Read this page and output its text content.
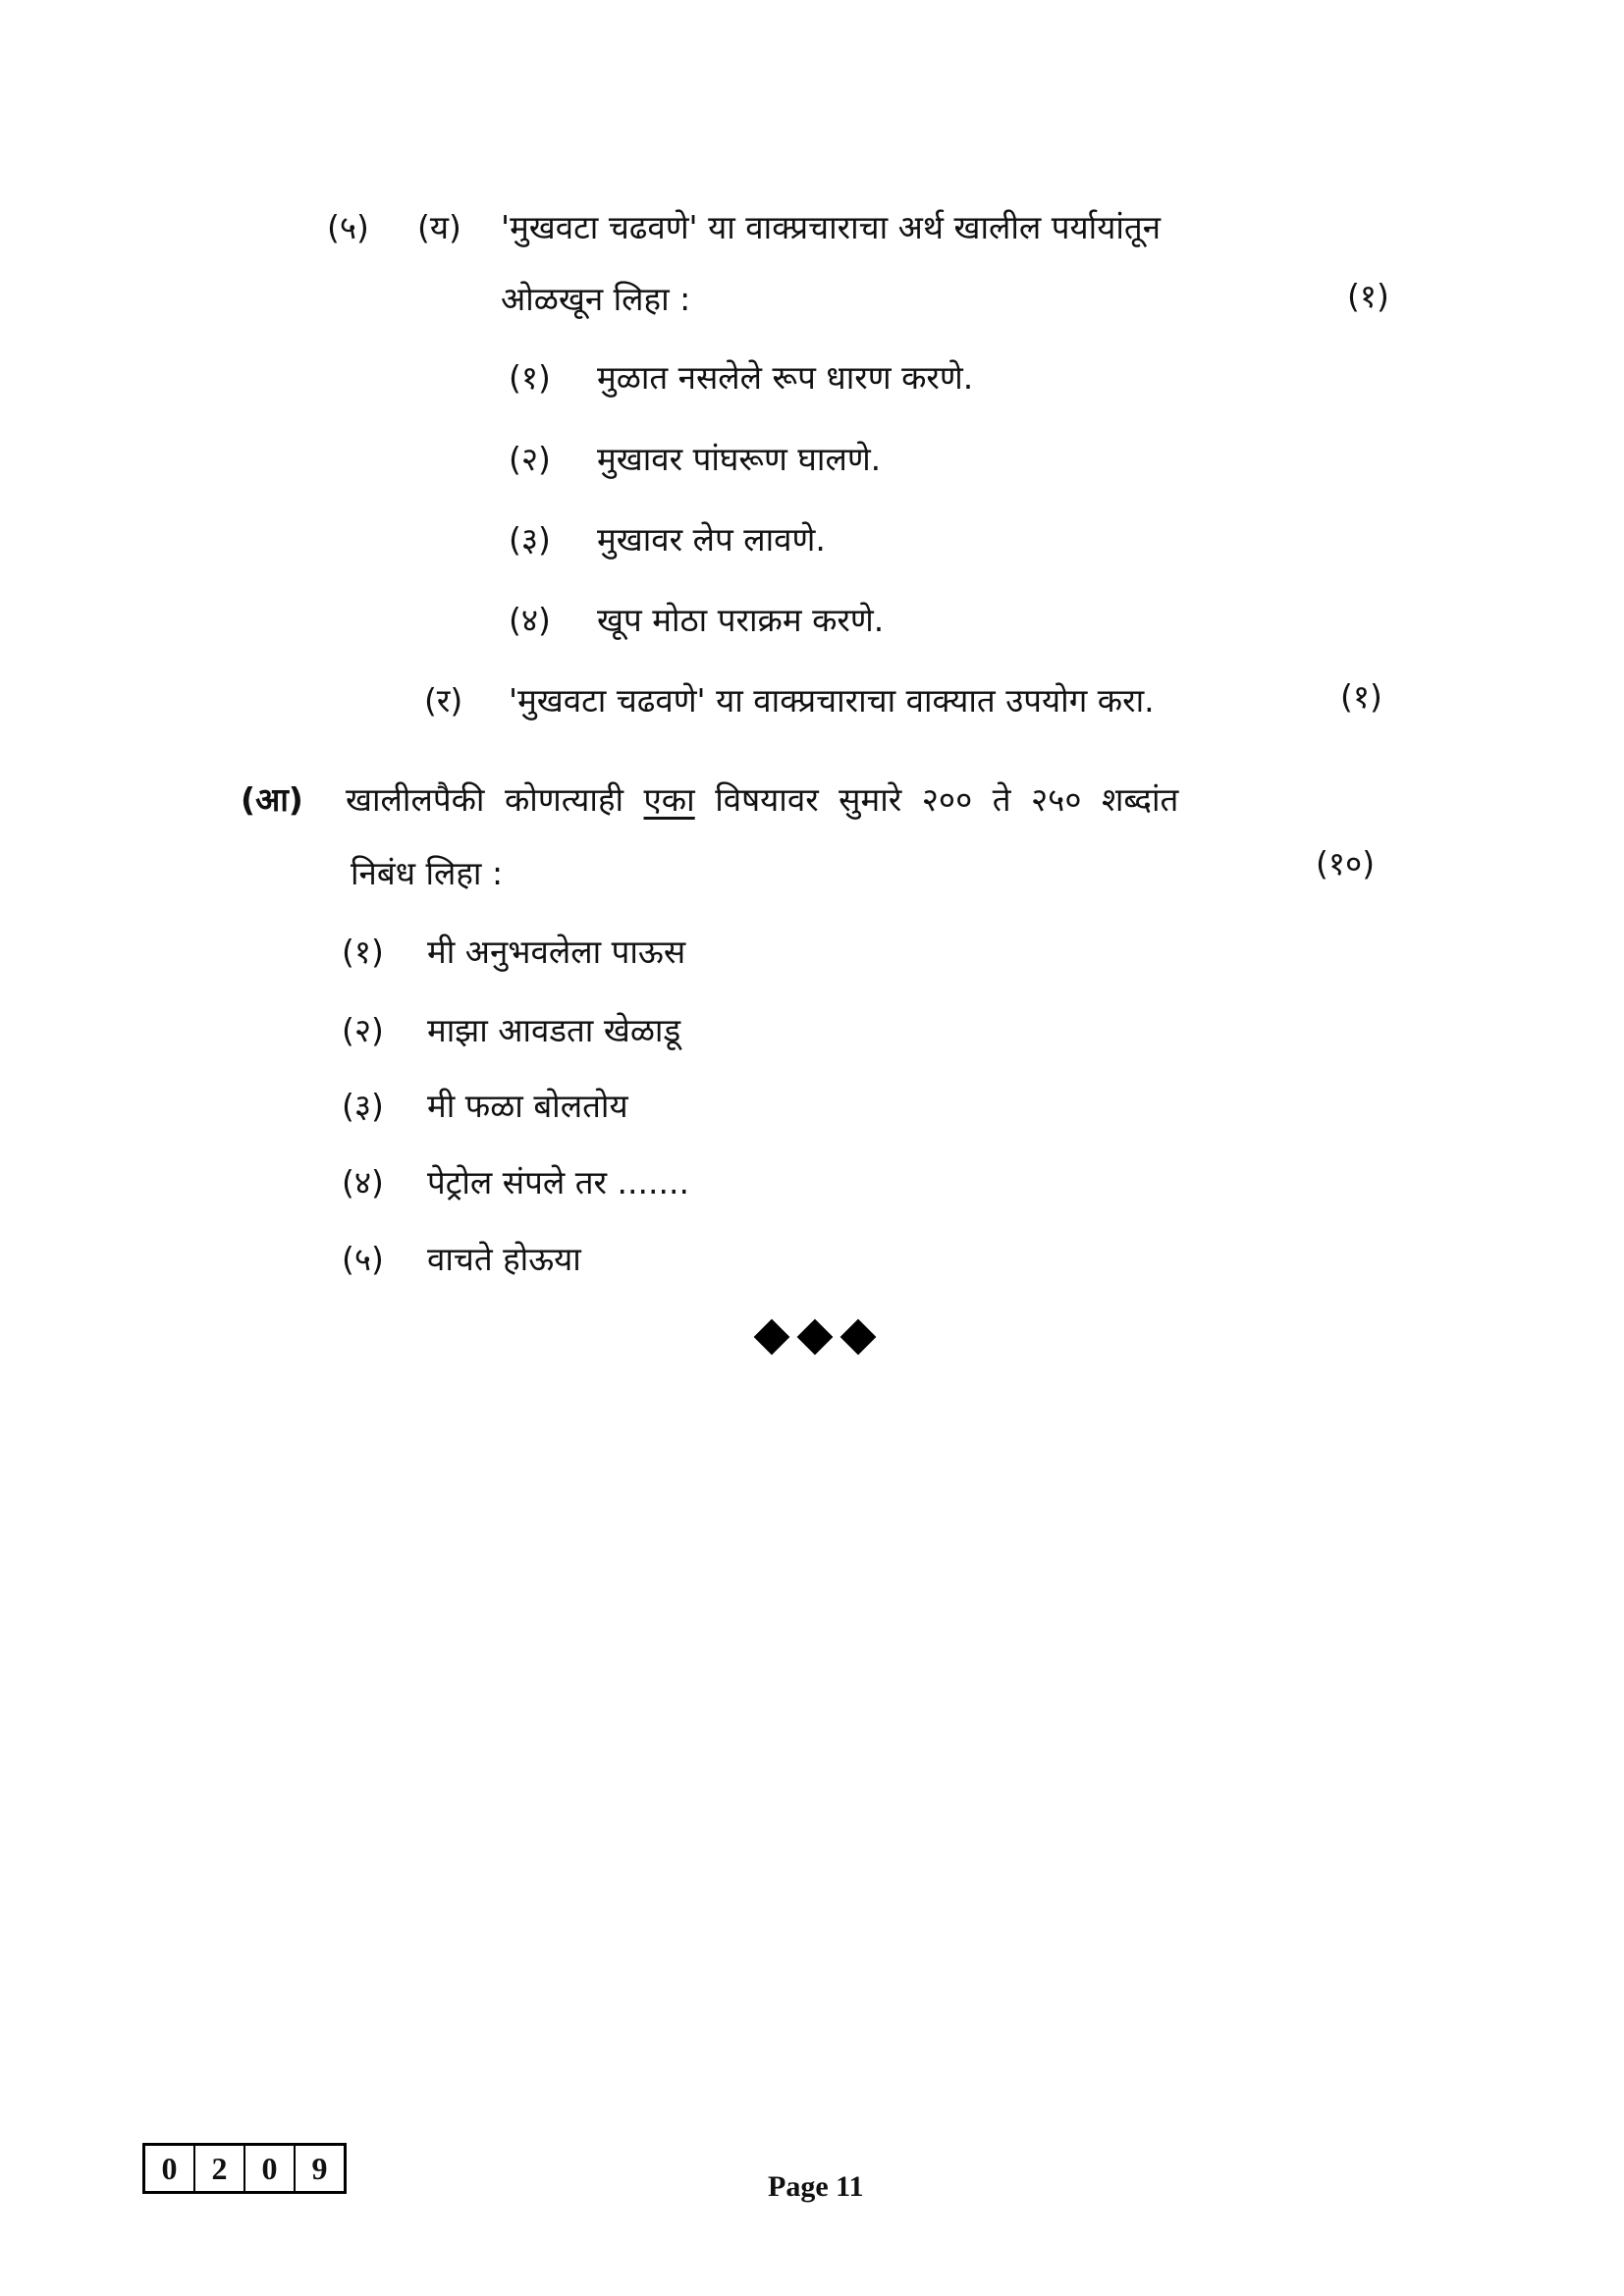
(५) (य) 'मुखवटा चढवणे' या वाक्प्रचाराचा अर्थ खालील पर्यायांतून
ओळखून लिहा :	(१)
(१) मुळात नसलेले रूप धारण करणे.
(२) मुखावर पांघरूण घालणे.
(३) मुखावर लेप लावणे.
(४) खूप मोठा पराक्रम करणे.
(र) 'मुखवटा चढवणे' या वाक्प्रचाराचा वाक्यात उपयोग करा.	(१)
(आ) खालीलपैकी कोणत्याही एका विषयावर सुमारे २०० ते २५० शब्दांत
निबंध लिहा :	(१०)
(१) मी अनुभवलेला पाऊस
(२) माझा आवडता खेळाडू
(३) मी फळा बोलतोय
(४) पेट्रोल संपले तर .......
(५) वाचते होऊया
0	2	0	9
Page 11
